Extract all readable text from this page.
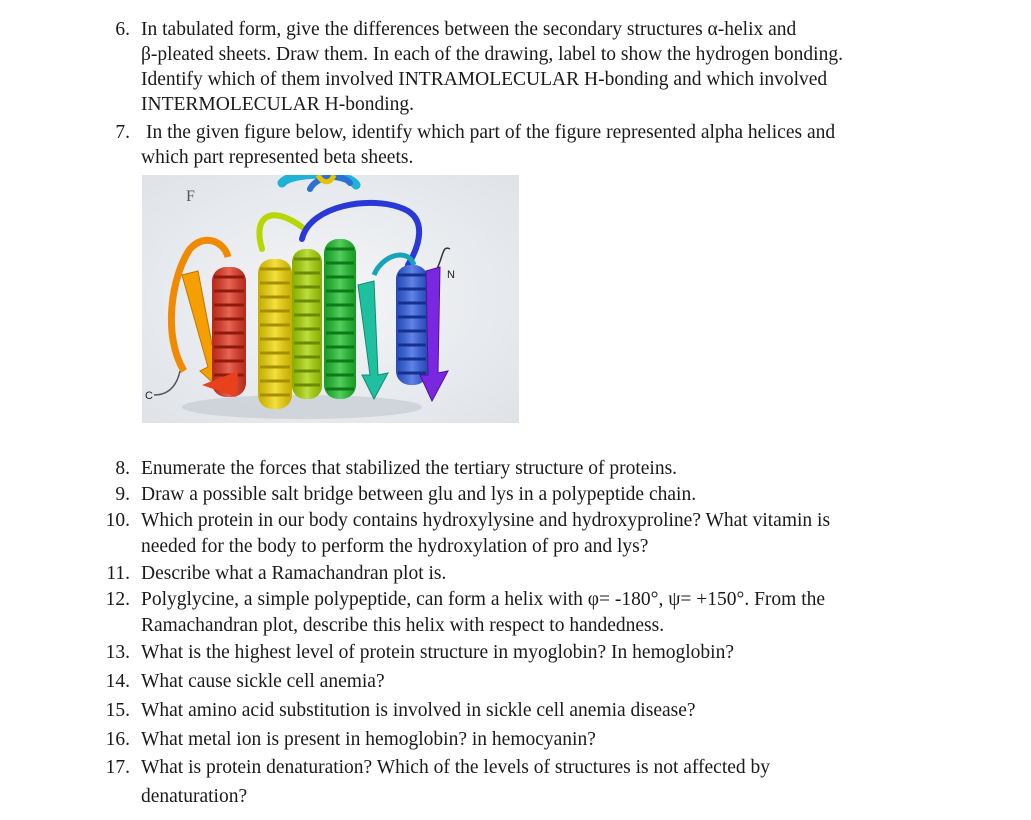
6. In tabulated form, give the differences between the secondary structures α-helix and
β-pleated sheets. Draw them. In each of the drawing, label to show the hydrogen bonding.
Identify which of them involved INTRAMOLECULAR H-bonding and which involved
INTERMOLECULAR H-bonding.
7. In the given figure below, identify which part of the figure represented alpha helices and
which part represented beta sheets.
F
N
C
8. Enumerate the forces that stabilized the tertiary structure of proteins.
9. Draw a possible salt bridge between glu and lys in a polypeptide chain.
10. Which protein in our body contains hydroxylysine and hydroxyproline? What vitamin is
needed for the body to perform the hydroxylation of pro and lys?
11. Describe what a Ramachandran plot is.
12. Polyglycine, a simple polypeptide, can form a helix with φ= -180°, ψ= +150°. From the
Ramachandran plot, describe this helix with respect to handedness.
13. What is the highest level of protein structure in myoglobin? In hemoglobin?
14. What cause sickle cell anemia?
15. What amino acid substitution is involved in sickle cell anemia disease?
16. What metal ion is present in hemoglobin? in hemocyanin?
17. What is protein denaturation? Which of the levels of structures is not affected by
denaturation?
